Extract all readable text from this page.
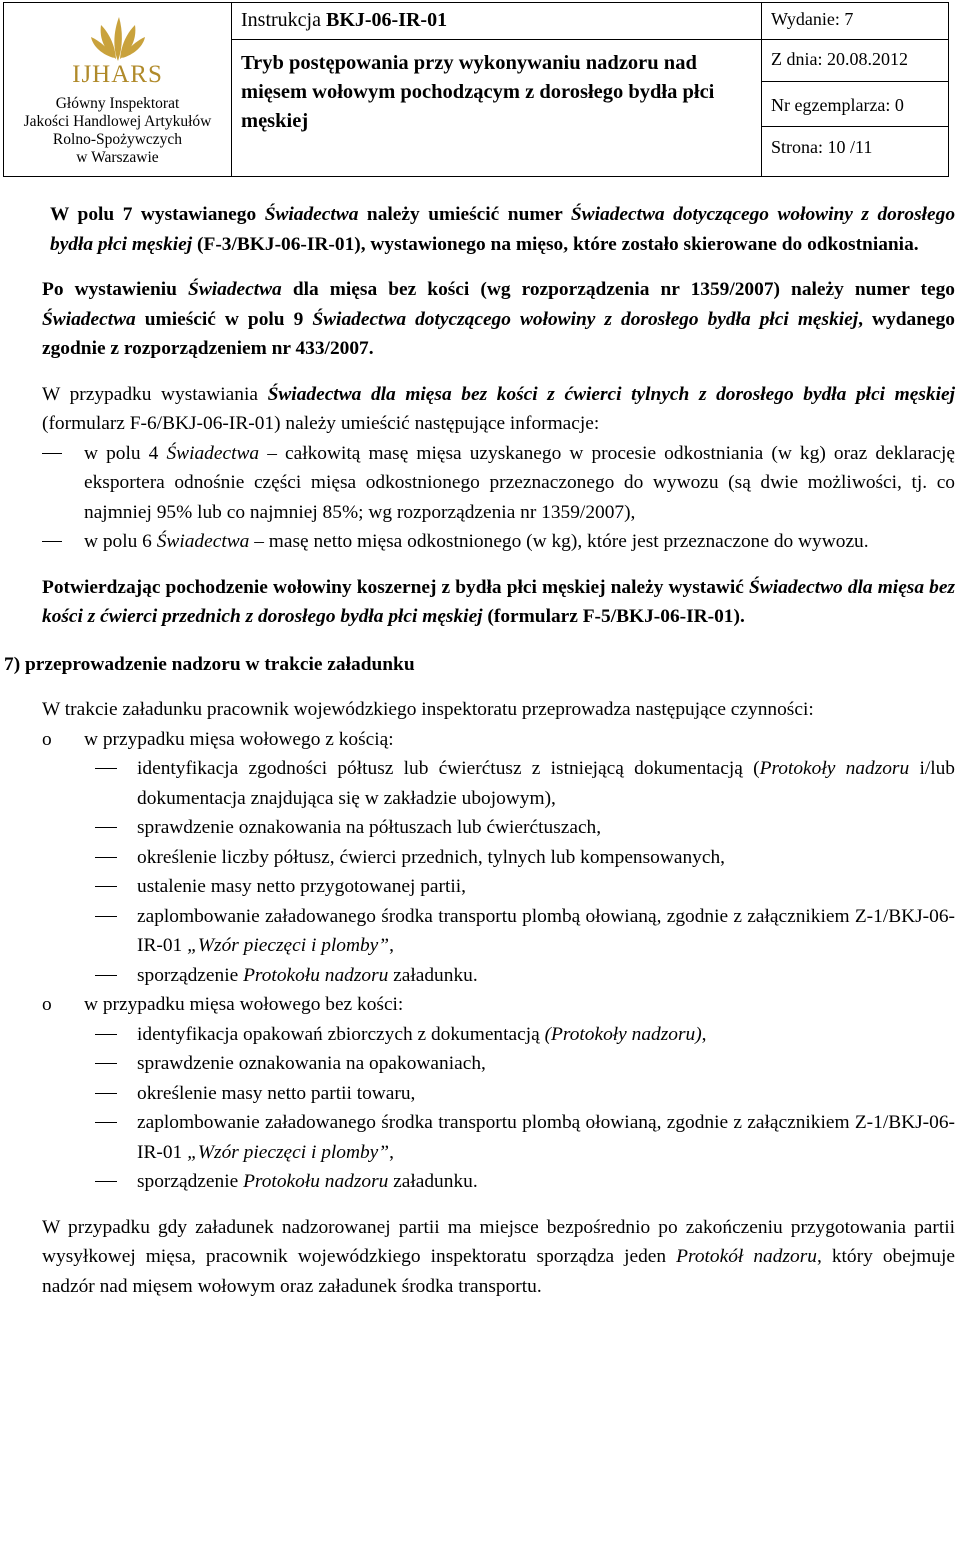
IJHARS
Główny Inspektorat
Jakości Handlowej Artykułów
Rolno-Spożywczych
w Warszawie
Instrukcja BKJ-06-IR-01
Tryb postępowania przy wykonywaniu nadzoru nad mięsem wołowym pochodzącym z dorosłego bydła płci męskiej
Wydanie: 7
Z dnia: 20.08.2012
Nr egzemplarza: 0
Strona: 10 /11

W polu 7 wystawianego Świadectwa należy umieścić numer Świadectwa dotyczącego wołowiny z dorosłego bydła płci męskiej (F-3/BKJ-06-IR-01), wystawionego na mięso, które zostało skierowane do odkostniania.

Po wystawieniu Świadectwa dla mięsa bez kości (wg rozporządzenia nr 1359/2007) należy numer tego Świadectwa umieścić w polu 9 Świadectwa dotyczącego wołowiny z dorosłego bydła płci męskiej, wydanego zgodnie z rozporządzeniem nr 433/2007.

W przypadku wystawiania Świadectwa dla mięsa bez kości z ćwierci tylnych z dorosłego bydła płci męskiej (formularz F-6/BKJ-06-IR-01) należy umieścić następujące informacje:

w polu 4 Świadectwa – całkowitą masę mięsa uzyskanego w procesie odkostniania (w kg) oraz deklarację eksportera odnośnie części mięsa odkostnionego przeznaczonego do wywozu (są dwie możliwości, tj. co najmniej 95% lub co najmniej 85%; wg rozporządzenia nr 1359/2007),
w polu 6 Świadectwa – masę netto mięsa odkostnionego (w kg), które jest przeznaczone do wywozu.

Potwierdzając pochodzenie wołowiny koszernej z bydła płci męskiej należy wystawić Świadectwo dla mięsa bez kości z ćwierci przednich z dorosłego bydła płci męskiej (formularz F-5/BKJ-06-IR-01).

7) przeprowadzenie nadzoru w trakcie załadunku

W trakcie załadunku pracownik wojewódzkiego inspektoratu przeprowadza następujące czynności:

o w przypadku mięsa wołowego z kością:
identyfikacja zgodności półtusz lub ćwierćtusz z istniejącą dokumentacją (Protokoły nadzoru i/lub dokumentacja znajdująca się w zakładzie ubojowym),
sprawdzenie oznakowania na półtuszach lub ćwierćtuszach,
określenie liczby półtusz, ćwierci przednich, tylnych lub kompensowanych,
ustalenie masy netto przygotowanej partii,
zaplombowanie załadowanego środka transportu plombą ołowianą, zgodnie z załącznikiem Z-1/BKJ-06-IR-01 „Wzór pieczęci i plomby”,
sporządzenie Protokołu nadzoru załadunku.
o w przypadku mięsa wołowego bez kości:
identyfikacja opakowań zbiorczych z dokumentacją (Protokoły nadzoru),
sprawdzenie oznakowania na opakowaniach,
określenie masy netto partii towaru,
zaplombowanie załadowanego środka transportu plombą ołowianą, zgodnie z załącznikiem Z-1/BKJ-06-IR-01 „Wzór pieczęci i plomby”,
sporządzenie Protokołu nadzoru załadunku.

W przypadku gdy załadunek nadzorowanej partii ma miejsce bezpośrednio po zakończeniu przygotowania partii wysyłkowej mięsa, pracownik wojewódzkiego inspektoratu sporządza jeden Protokół nadzoru, który obejmuje nadzór nad mięsem wołowym oraz załadunek środka transportu.
